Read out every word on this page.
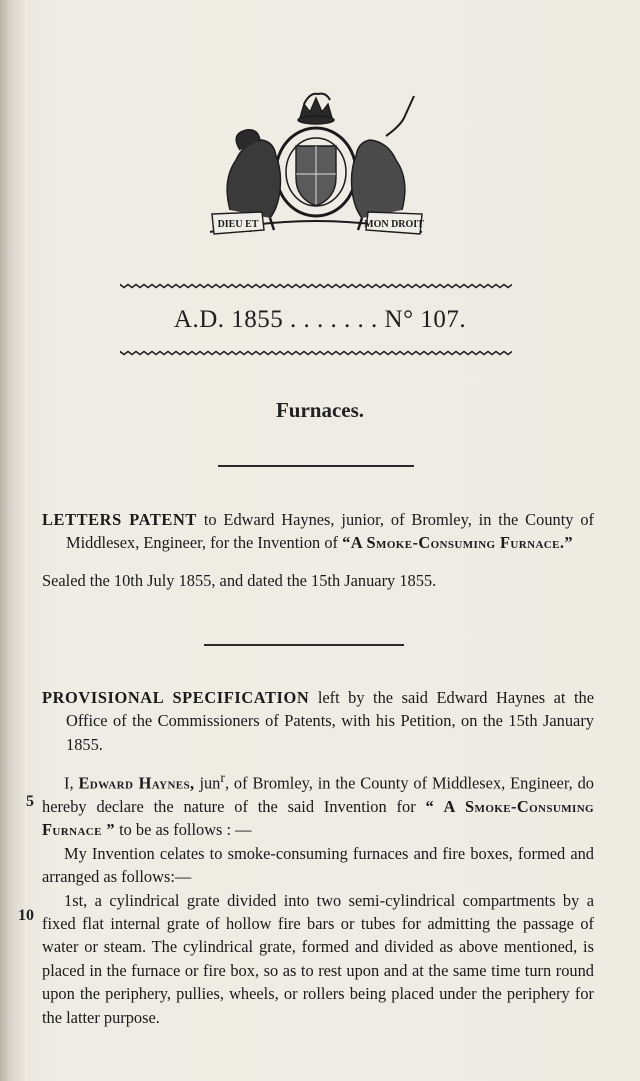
DIEU ET	MON DROIT
A.D. 1855 . . . . . . . N° 107.
Furnaces.

LETTERS PATENT to Edward Haynes, junior, of Bromley, in the County of Middlesex, Engineer, for the Invention of “A Smoke-Consuming Furnace.”

Sealed the 10th July 1855, and dated the 15th January 1855.

PROVISIONAL SPECIFICATION left by the said Edward Haynes at the Office of the Commissioners of Patents, with his Petition, on the 15th January 1855.

I, Edward Haynes, jun$^r$, of Bromley, in the County of Middlesex, Engineer, do hereby declare the nature of the said Invention for “ A Smoke-Consuming Furnace ” to be as follows : —

My Invention celates to smoke-consuming furnaces and fire boxes, formed and arranged as follows:—

1st, a cylindrical grate divided into two semi-cylindrical compartments by a fixed flat internal grate of hollow fire bars or tubes for admitting the passage of water or steam. The cylindrical grate, formed and divided as above mentioned, is placed in the furnace or fire box, so as to rest upon and at the same time turn round upon the periphery, pullies, wheels, or rollers being placed under the periphery for the latter purpose.

5
10
